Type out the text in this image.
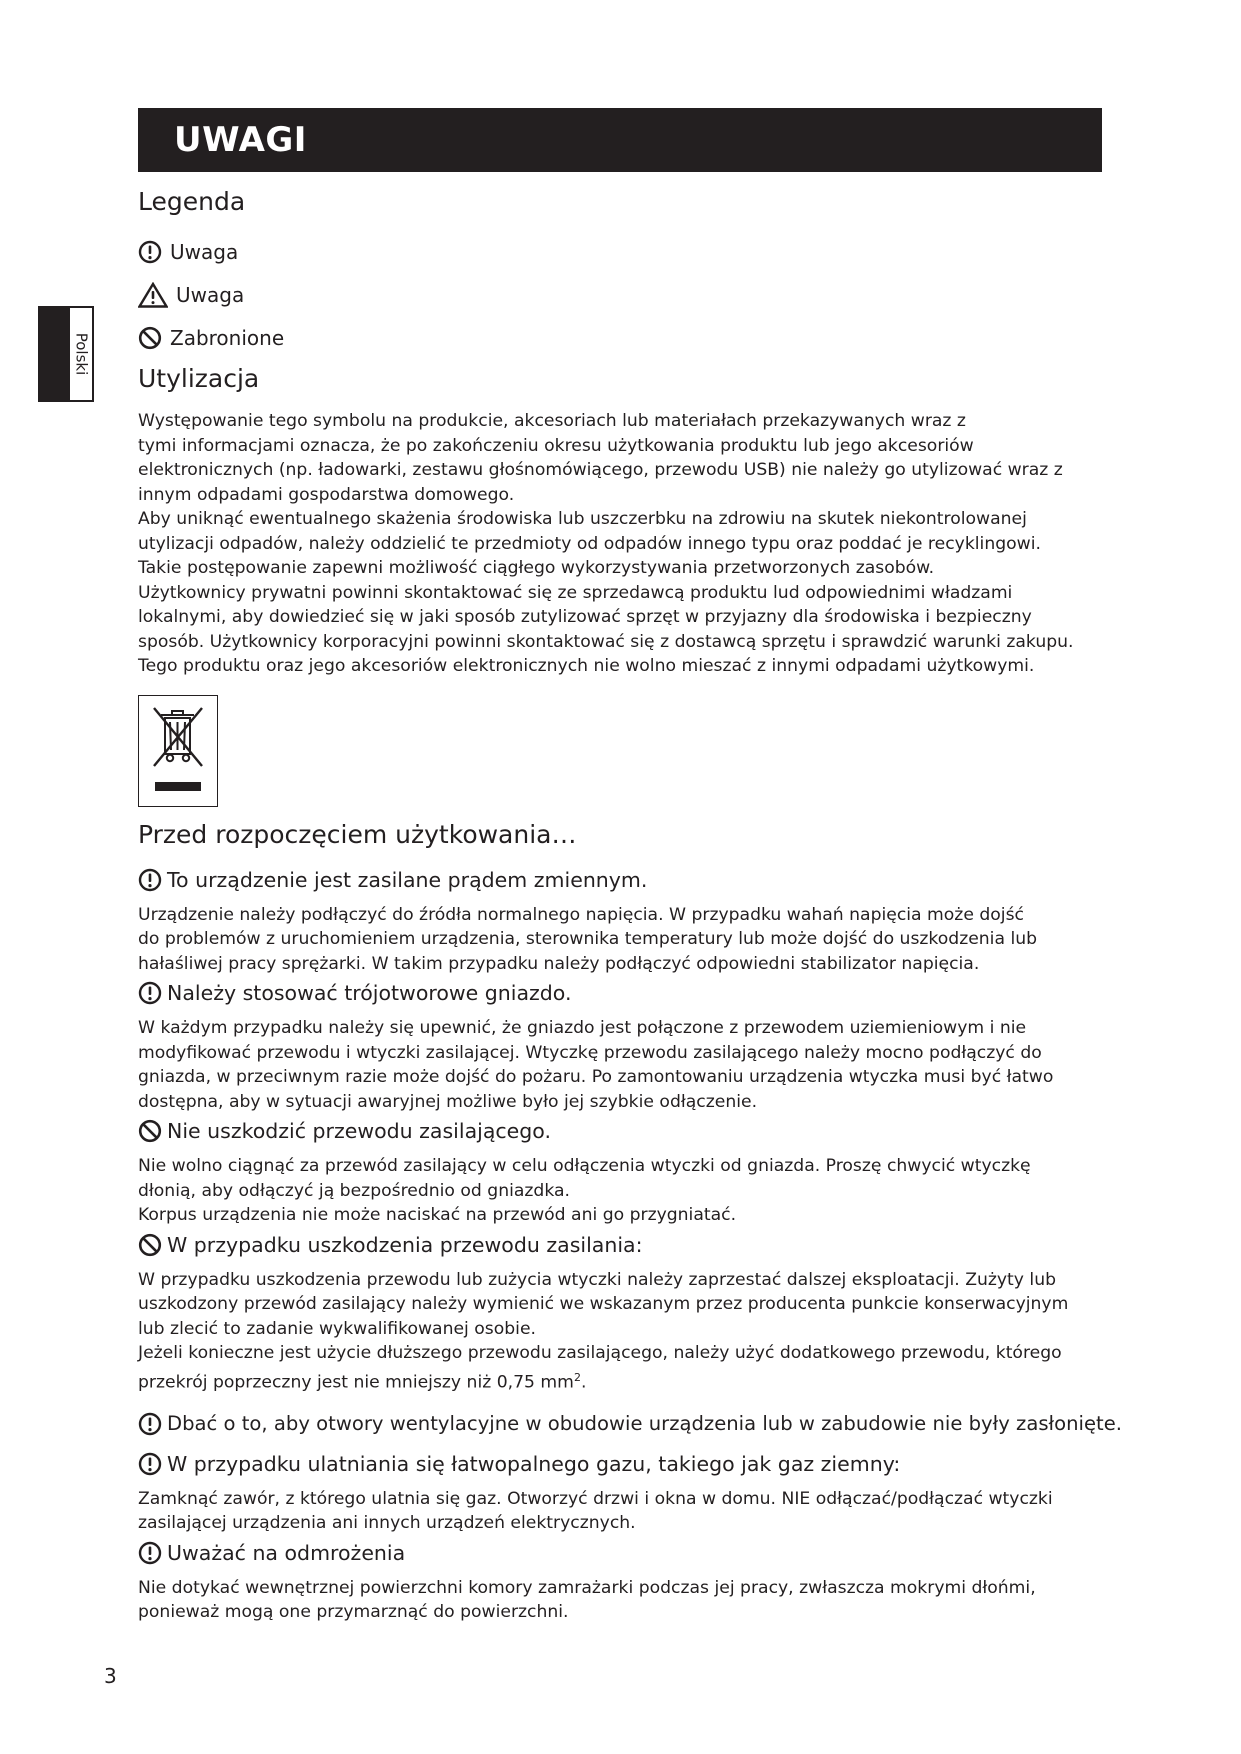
UWAGI
Polski
Legenda
Uwaga
Uwaga
Zabronione
Utylizacja

Występowanie tego symbolu na produkcie, akcesoriach lub materiałach przekazywanych wraz z

tymi informacjami oznacza, że po zakończeniu okresu użytkowania produktu lub jego akcesoriów

elektronicznych (np. ładowarki, zestawu głośnomówiącego, przewodu USB) nie należy go utylizować wraz z

innym odpadami gospodarstwa domowego.

Aby uniknąć ewentualnego skażenia środowiska lub uszczerbku na zdrowiu na skutek niekontrolowanej

utylizacji odpadów, należy oddzielić te przedmioty od odpadów innego typu oraz poddać je recyklingowi.

Takie postępowanie zapewni możliwość ciągłego wykorzystywania przetworzonych zasobów.

Użytkownicy prywatni powinni skontaktować się ze sprzedawcą produktu lud odpowiednimi władzami

lokalnymi, aby dowiedzieć się w jaki sposób zutylizować sprzęt w przyjazny dla środowiska i bezpieczny

sposób. Użytkownicy korporacyjni powinni skontaktować się z dostawcą sprzętu i sprawdzić warunki zakupu.

Tego produktu oraz jego akcesoriów elektronicznych nie wolno mieszać z innymi odpadami użytkowymi.

Przed rozpoczęciem użytkowania…

To urządzenie jest zasilane prądem zmiennym.

Urządzenie należy podłączyć do źródła normalnego napięcia. W przypadku wahań napięcia może dojść

do problemów z uruchomieniem urządzenia, sterownika temperatury lub może dojść do uszkodzenia lub

hałaśliwej pracy sprężarki. W takim przypadku należy podłączyć odpowiedni stabilizator napięcia.

Należy stosować trójotworowe gniazdo.

W każdym przypadku należy się upewnić, że gniazdo jest połączone z przewodem uziemieniowym i nie

modyfikować przewodu i wtyczki zasilającej. Wtyczkę przewodu zasilającego należy mocno podłączyć do

gniazda, w przeciwnym razie może dojść do pożaru. Po zamontowaniu urządzenia wtyczka musi być łatwo

dostępna, aby w sytuacji awaryjnej możliwe było jej szybkie odłączenie.

Nie uszkodzić przewodu zasilającego.

Nie wolno ciągnąć za przewód zasilający w celu odłączenia wtyczki od gniazda. Proszę chwycić wtyczkę

dłonią, aby odłączyć ją bezpośrednio od gniazdka.

Korpus urządzenia nie może naciskać na przewód ani go przygniatać.

W przypadku uszkodzenia przewodu zasilania:

W przypadku uszkodzenia przewodu lub zużycia wtyczki należy zaprzestać dalszej eksploatacji. Zużyty lub

uszkodzony przewód zasilający należy wymienić we wskazanym przez producenta punkcie konserwacyjnym

lub zlecić to zadanie wykwalifikowanej osobie.

Jeżeli konieczne jest użycie dłuższego przewodu zasilającego, należy użyć dodatkowego przewodu, którego

przekrój poprzeczny jest nie mniejszy niż 0,75 $mm^2$.

Dbać o to, aby otwory wentylacyjne w obudowie urządzenia lub w zabudowie nie były zasłonięte.

W przypadku ulatniania się łatwopalnego gazu, takiego jak gaz ziemny:

Zamknąć zawór, z którego ulatnia się gaz. Otworzyć drzwi i okna w domu. NIE odłączać/podłączać wtyczki

zasilającej urządzenia ani innych urządzeń elektrycznych.

Uważać na odmrożenia

Nie dotykać wewnętrznej powierzchni komory zamrażarki podczas jej pracy, zwłaszcza mokrymi dłońmi,

ponieważ mogą one przymarznąć do powierzchni.

3
